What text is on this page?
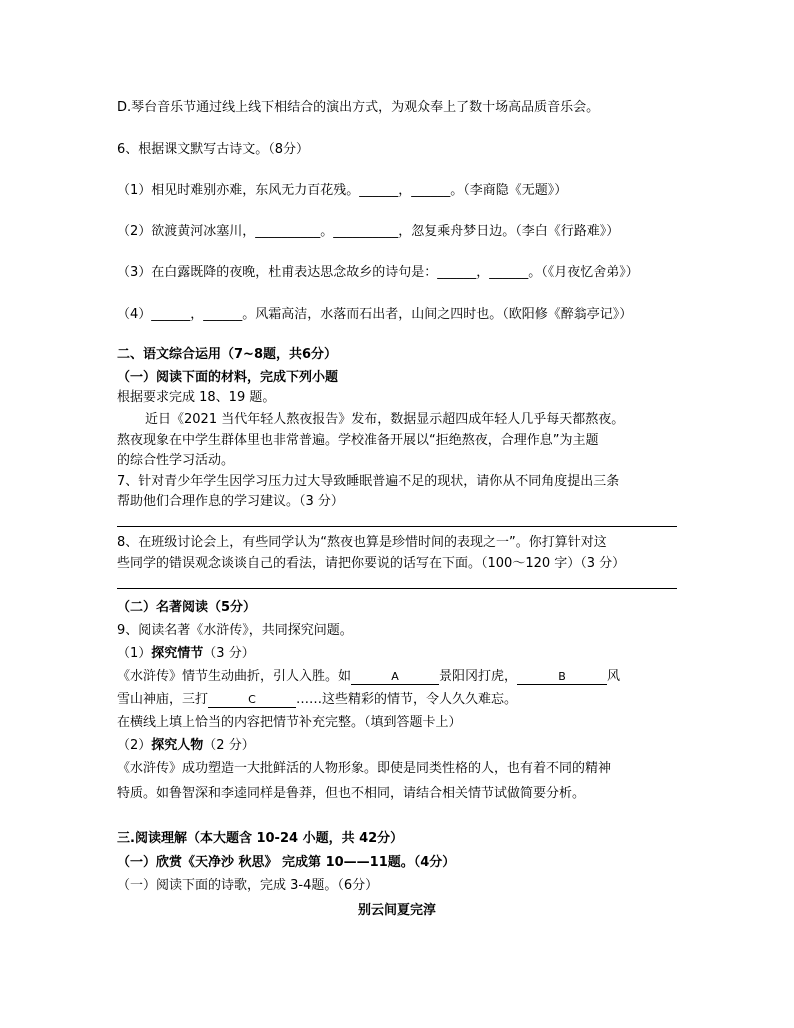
D.琴台音乐节通过线上线下相结合的演出方式，为观众奉上了数十场高品质音乐会。
6、根据课文默写古诗文。（8分）
（1）相见时难别亦难，东风无力百花残。______，______。（李商隐《无题》）
（2）欲渡黄河冰塞川，__________。__________，忽复乘舟梦日边。（李白《行路难》）
（3）在白露既降的夜晚，杜甫表达思念故乡的诗句是：______，______。（《月夜忆舍弟》）
（4）______，______。风霜高洁，水落而石出者，山间之四时也。（欧阳修《醉翁亭记》）
二、语文综合运用（7~8题，共6分）
（一）阅读下面的材料，完成下列小题
根据要求完成 18、19 题。
近日《2021 当代年轻人熬夜报告》发布，数据显示超四成年轻人几乎每天都熬夜。
熬夜现象在中学生群体里也非常普遍。学校准备开展以“拒绝熬夜，合理作息”为主题
的综合性学习活动。
7、针对青少年学生因学习压力过大导致睡眠普遍不足的现状，请你从不同角度提出三条
帮助他们合理作息的学习建议。（3 分）
8、在班级讨论会上，有些同学认为“熬夜也算是珍惜时间的表现之一”。你打算针对这
些同学的错误观念谈谈自己的看法，请把你要说的话写在下面。（100～120 字）（3 分）
（二）名著阅读（5分）
9、阅读名著《水浒传》，共同探究问题。
（1）探究情节（3 分）
《水浒传》情节生动曲折，引人入胜。如	A	景阳冈打虎，	B	风
雪山神庙，三打	C	……这些精彩的情节，令人久久难忘。
在横线上填上恰当的内容把情节补充完整。（填到答题卡上）
（2）探究人物（2 分）
《水浒传》成功塑造一大批鲜活的人物形象。即使是同类性格的人，也有着不同的精神
特质。如鲁智深和李逵同样是鲁莽，但也不相同，请结合相关情节试做简要分析。
三.阅读理解（本大题含 10-24 小题，共 42分）
（一）欣赏《天净沙 秋思》 完成第 10——11题。（4分）
（一）阅读下面的诗歌，完成 3-4题。（6分）
别云间夏完淳
